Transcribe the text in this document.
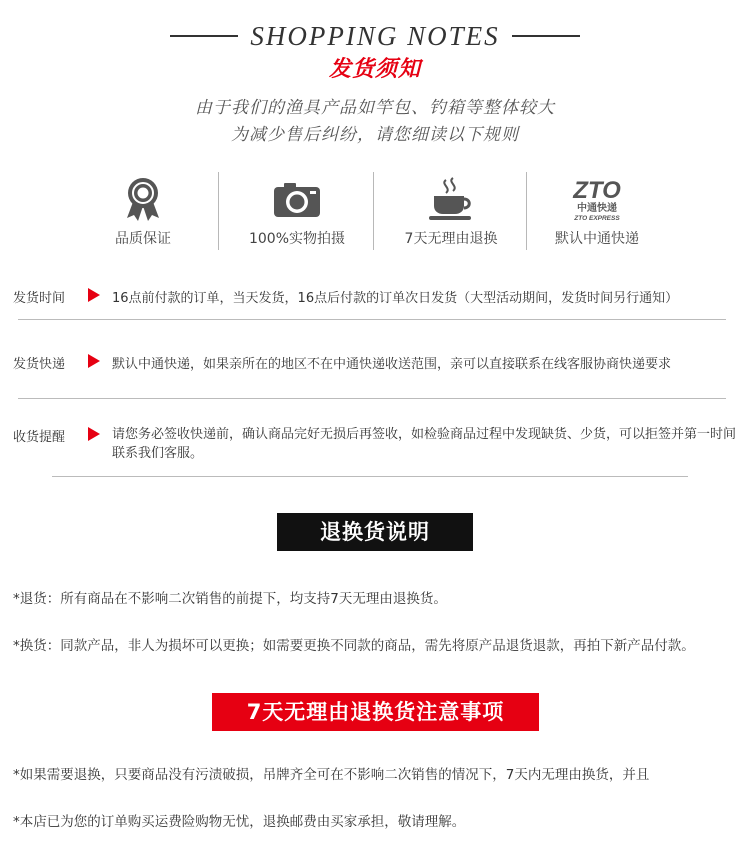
SHOPPING NOTES
发货须知
由于我们的渔具产品如竿包、钓箱等整体较大
为减少售后纠纷，请您细读以下规则
品质保证	100%实物拍摄	7天无理由退换
ZTO
中通快递
ZTO EXPRESS
默认中通快递
发货时间	16点前付款的订单，当天发货，16点后付款的订单次日发货（大型活动期间，发货时间另行通知）
发货快递	默认中通快递，如果亲所在的地区不在中通快递收送范围，亲可以直接联系在线客服协商快递要求
收货提醒	请您务必签收快递前，确认商品完好无损后再签收，如检验商品过程中发现缺货、少货，可以拒签并第一时间联系我们客服。
退换货说明
*退货：所有商品在不影响二次销售的前提下，均支持7天无理由退换货。
*换货：同款产品，非人为损坏可以更换；如需要更换不同款的商品，需先将原产品退货退款，再拍下新产品付款。
7天无理由退换货注意事项
*如果需要退换，只要商品没有污渍破损，吊牌齐全可在不影响二次销售的情况下，7天内无理由换货，并且
*本店已为您的订单购买运费险购物无忧，退换邮费由买家承担，敬请理解。
